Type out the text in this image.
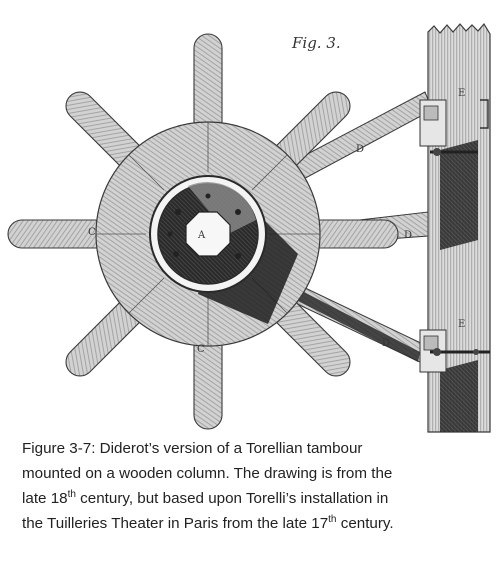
Fig. 3.
A
C
C
D
D
D
E
E
Figure 3-7: Diderot’s version of a Torellian tambour
mounted on a wooden column. The drawing is from the
late 18th century, but based upon Torelli’s installation in
the Tuilleries Theater in Paris from the late 17th century.
